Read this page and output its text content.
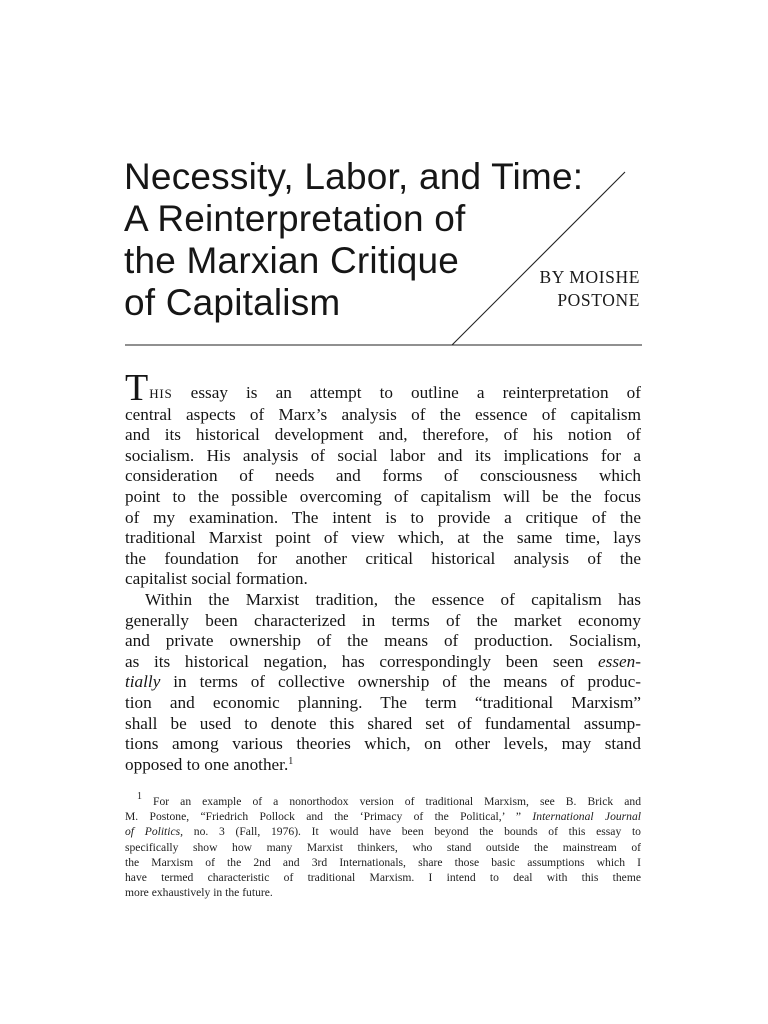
Necessity, Labor, and Time:
A Reinterpretation of
the Marxian Critique
of Capitalism
BY MOISHE
POSTONE
THIS essay is an attempt to outline a reinterpretation of
central aspects of Marx’s analysis of the essence of capitalism
and its historical development and, therefore, of his notion of
socialism. His analysis of social labor and its implications for a
consideration of needs and forms of consciousness which
point to the possible overcoming of capitalism will be the focus
of my examination. The intent is to provide a critique of the
traditional Marxist point of view which, at the same time, lays
the foundation for another critical historical analysis of the
capitalist social formation.
Within the Marxist tradition, the essence of capitalism has
generally been characterized in terms of the market economy
and private ownership of the means of production. Socialism,
as its historical negation, has correspondingly been seen essen-
tially in terms of collective ownership of the means of produc-
tion and economic planning. The term “traditional Marxism”
shall be used to denote this shared set of fundamental assump-
tions among various theories which, on other levels, may stand
opposed to one another.$^1$
$^1$ For an example of a nonorthodox version of traditional Marxism, see B. Brick and
M. Postone, “Friedrich Pollock and the ‘Primacy of the Political,’ ” International Journal
of Politics, no. 3 (Fall, 1976). It would have been beyond the bounds of this essay to
specifically show how many Marxist thinkers, who stand outside the mainstream of
the Marxism of the 2nd and 3rd Internationals, share those basic assumptions which I
have termed characteristic of traditional Marxism. I intend to deal with this theme
more exhaustively in the future.
